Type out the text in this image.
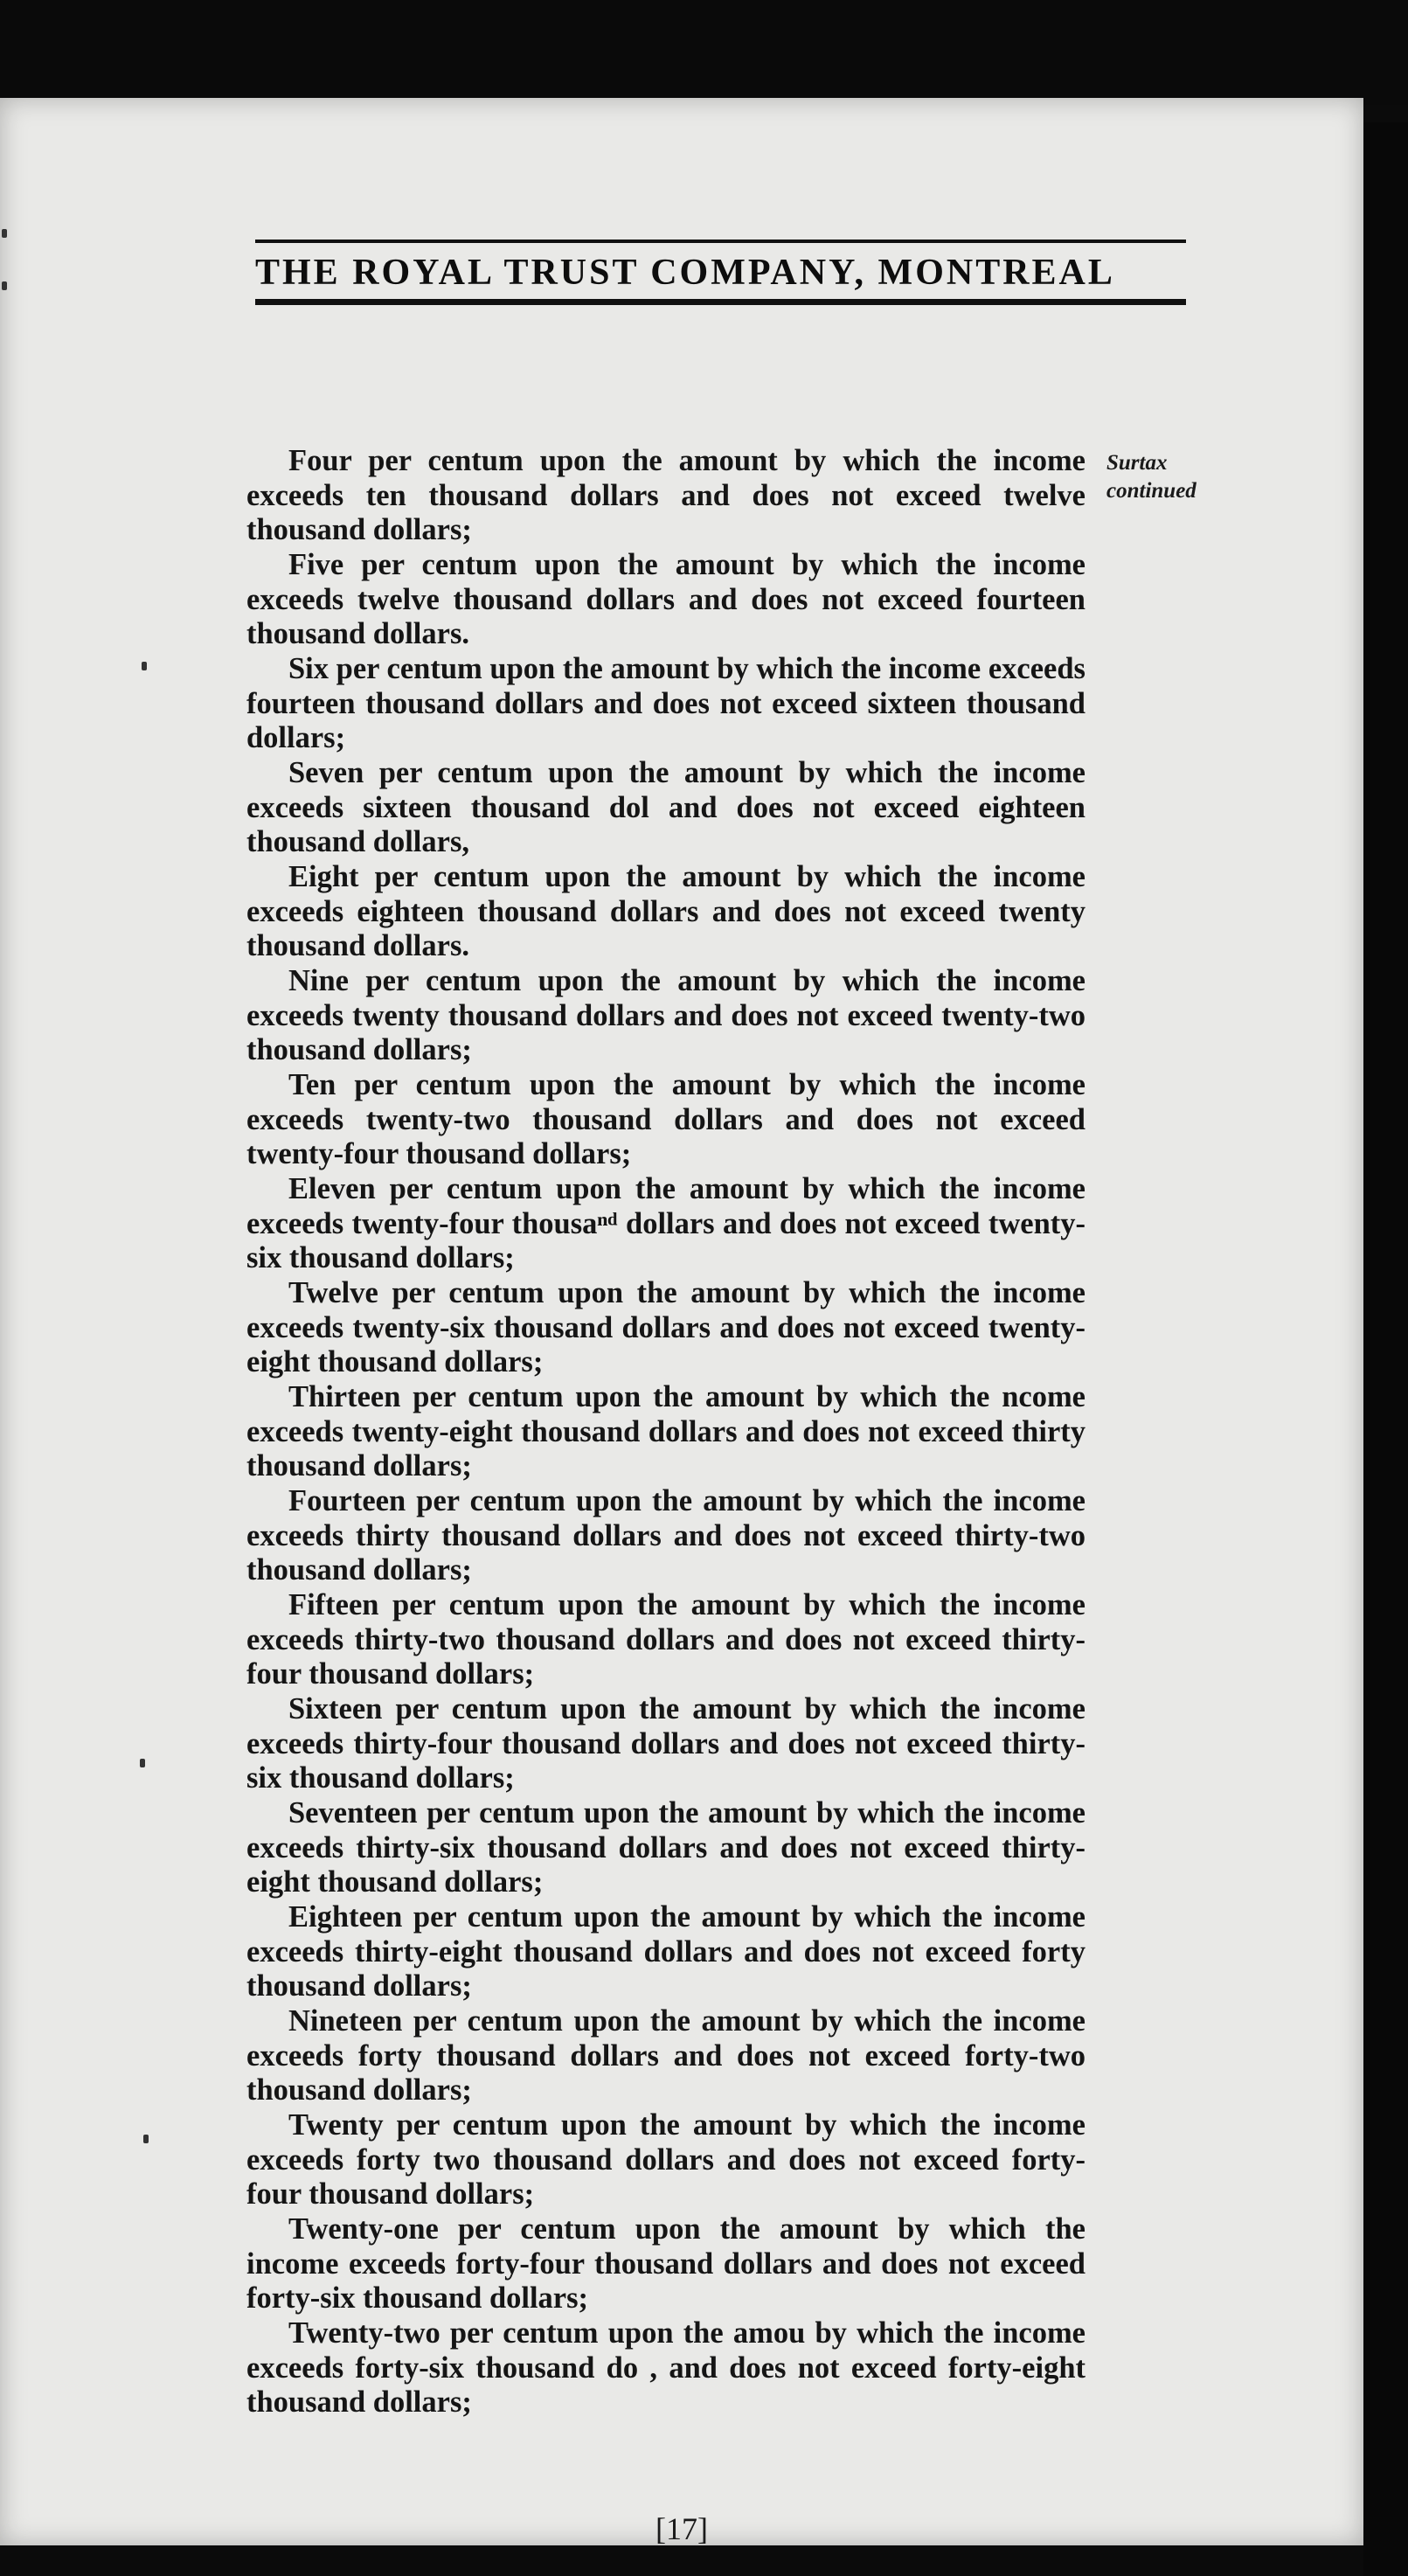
THE ROYAL TRUST COMPANY, MONTREAL

Four per centum upon the amount by which the income exceeds ten thousand dollars and does not exceed twelve thousand dollars;

Five per centum upon the amount by which the income exceeds twelve thousand dollars and does not exceed fourteen thousand dollars.

Six per centum upon the amount by which the income exceeds fourteen thousand dollars and does not exceed sixteen thousand dollars;

Seven per centum upon the amount by which the income exceeds sixteen thousand dol and does not exceed eighteen thousand dollars,

Eight per centum upon the amount by which the income exceeds eighteen thousand dollars and does not exceed twenty thousand dollars.

Nine per centum upon the amount by which the income exceeds twenty thousand dollars and does not exceed twenty-two thousand dollars;

Ten per centum upon the amount by which the income exceeds twenty-two thousand dollars and does not exceed twenty-four thousand dollars;

Eleven per centum upon the amount by which the income exceeds twenty-four thousaⁿᵈ dollars and does not exceed twenty-six thousand dollars;

Twelve per centum upon the amount by which the income exceeds twenty-six thousand dollars and does not exceed twenty-eight thousand dollars;

Thirteen per centum upon the amount by which the ncome exceeds twenty-eight thousand dollars and does not exceed thirty thousand dollars;

Fourteen per centum upon the amount by which the income exceeds thirty thousand dollars and does not exceed thirty-two thousand dollars;

Fifteen per centum upon the amount by which the income exceeds thirty-two thousand dollars and does not exceed thirty-four thousand dollars;

Sixteen per centum upon the amount by which the income exceeds thirty-four thousand dollars and does not exceed thirty-six thousand dollars;

Seventeen per centum upon the amount by which the income exceeds thirty-six thousand dollars and does not exceed thirty-eight thousand dollars;

Eighteen per centum upon the amount by which the income exceeds thirty-eight thousand dollars and does not exceed forty thousand dollars;

Nineteen per centum upon the amount by which the income exceeds forty thousand dollars and does not exceed forty-two thousand dollars;

Twenty per centum upon the amount by which the income exceeds forty two thousand dollars and does not exceed forty-four thousand dollars;

Twenty-one per centum upon the amount by which the income exceeds forty-four thousand dollars and does not exceed forty-six thousand dollars;

Twenty-two per centum upon the amou by which the income exceeds forty-six thousand do , and does not exceed forty-eight thousand dollars;

Surtax
continued
[17]
